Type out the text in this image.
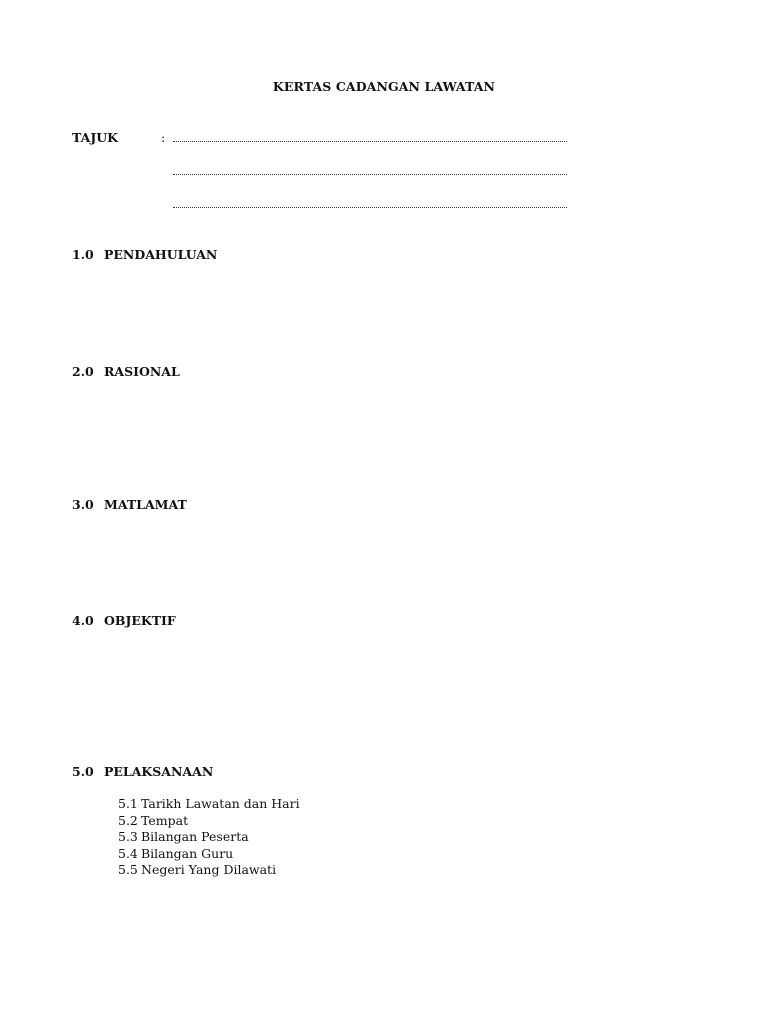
KERTAS CADANGAN LAWATAN
TAJUK	:
1.0 PENDAHULUAN
2.0 RASIONAL
3.0 MATLAMAT
4.0 OBJEKTIF
5.0 PELAKSANAAN
5.1 Tarikh Lawatan dan Hari
5.2 Tempat
5.3 Bilangan Peserta
5.4 Bilangan Guru
5.5 Negeri Yang Dilawati
